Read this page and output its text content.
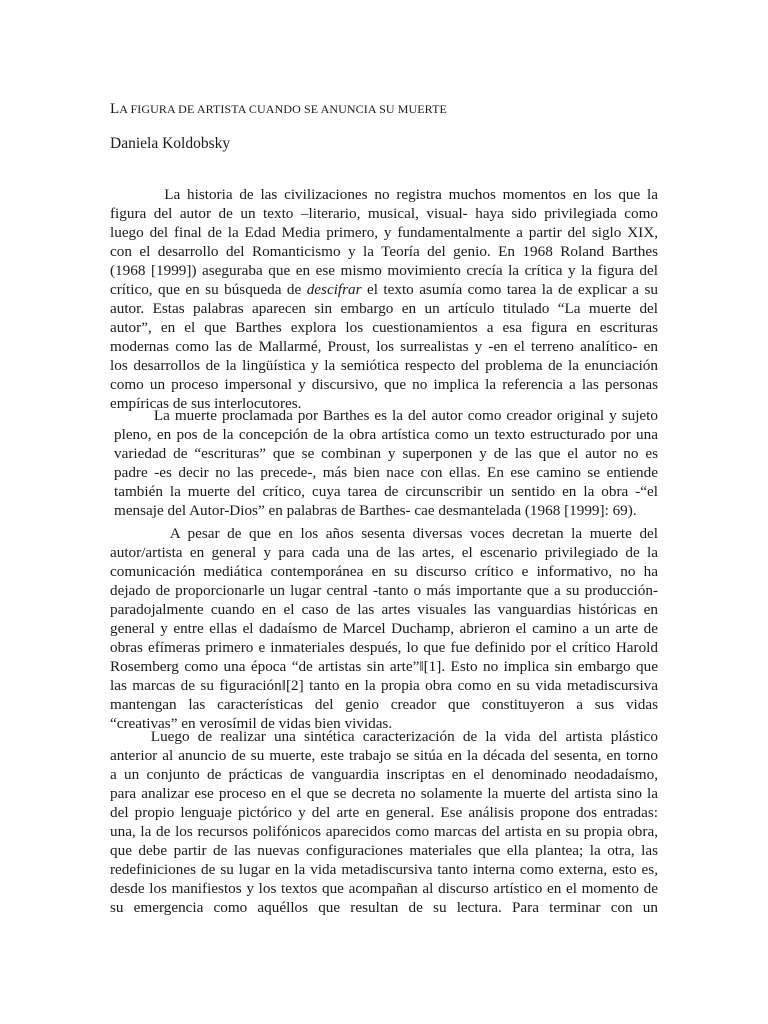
LA FIGURA DE ARTISTA CUANDO SE ANUNCIA SU MUERTE
Daniela Koldobsky
La historia de las civilizaciones no registra muchos momentos en los que la
figura del autor de un texto –literario, musical, visual- haya sido privilegiada como
luego del final de la Edad Media primero, y fundamentalmente a partir del siglo XIX,
con el desarrollo del Romanticismo y la Teoría del genio. En 1968 Roland Barthes
(1968 [1999]) aseguraba que en ese mismo movimiento crecía la crítica y la figura del
crítico, que en su búsqueda de descifrar el texto asumía como tarea la de explicar a su
autor. Estas palabras aparecen sin embargo en un artículo titulado “La muerte del
autor”, en el que Barthes explora los cuestionamientos a esa figura en escrituras
modernas como las de Mallarmé, Proust, los surrealistas y -en el terreno analítico- en
los desarrollos de la lingüística y la semiótica respecto del problema de la enunciación
como un proceso impersonal y discursivo, que no implica la referencia a las personas
empíricas de sus interlocutores.
La muerte proclamada por Barthes es la del autor como creador original y sujeto
pleno, en pos de la concepción de la obra artística como un texto estructurado por una
variedad de “escrituras” que se combinan y superponen y de las que el autor no es
padre -es decir no las precede-, más bien nace con ellas. En ese camino se entiende
también la muerte del crítico, cuya tarea de circunscribir un sentido en la obra -“el
mensaje del Autor-Dios” en palabras de Barthes- cae desmantelada (1968 [1999]: 69).
A pesar de que en los años sesenta diversas voces decretan la muerte del
autor/artista en general y para cada una de las artes, el escenario privilegiado de la
comunicación mediática contemporánea en su discurso crítico e informativo, no ha
dejado de proporcionarle un lugar central -tanto o más importante que a su producción-
paradojalmente cuando en el caso de las artes visuales las vanguardias históricas en
general y entre ellas el dadaísmo de Marcel Duchamp, abrieron el camino a un arte de
obras efímeras primero e inmateriales después, lo que fue definido por el crítico Harold
Rosemberg como una época “de artistas sin arte”‖[1]. Esto no implica sin embargo que
las marcas de su figuración‖[2] tanto en la propia obra como en su vida metadiscursiva
mantengan las características del genio creador que constituyeron a sus vidas
“creativas” en verosímil de vidas bien vividas.
Luego de realizar una sintética caracterización de la vida del artista plástico
anterior al anuncio de su muerte, este trabajo se sitúa en la década del sesenta, en torno
a un conjunto de prácticas de vanguardia inscriptas en el denominado neodadaísmo,
para analizar ese proceso en el que se decreta no solamente la muerte del artista sino la
del propio lenguaje pictórico y del arte en general. Ese análisis propone dos entradas:
una, la de los recursos polifónicos aparecidos como marcas del artista en su propia obra,
que debe partir de las nuevas configuraciones materiales que ella plantea; la otra, las
redefiniciones de su lugar en la vida metadiscursiva tanto interna como externa, esto es,
desde los manifiestos y los textos que acompañan al discurso artístico en el momento de
su emergencia como aquéllos que resultan de su lectura. Para terminar con un
